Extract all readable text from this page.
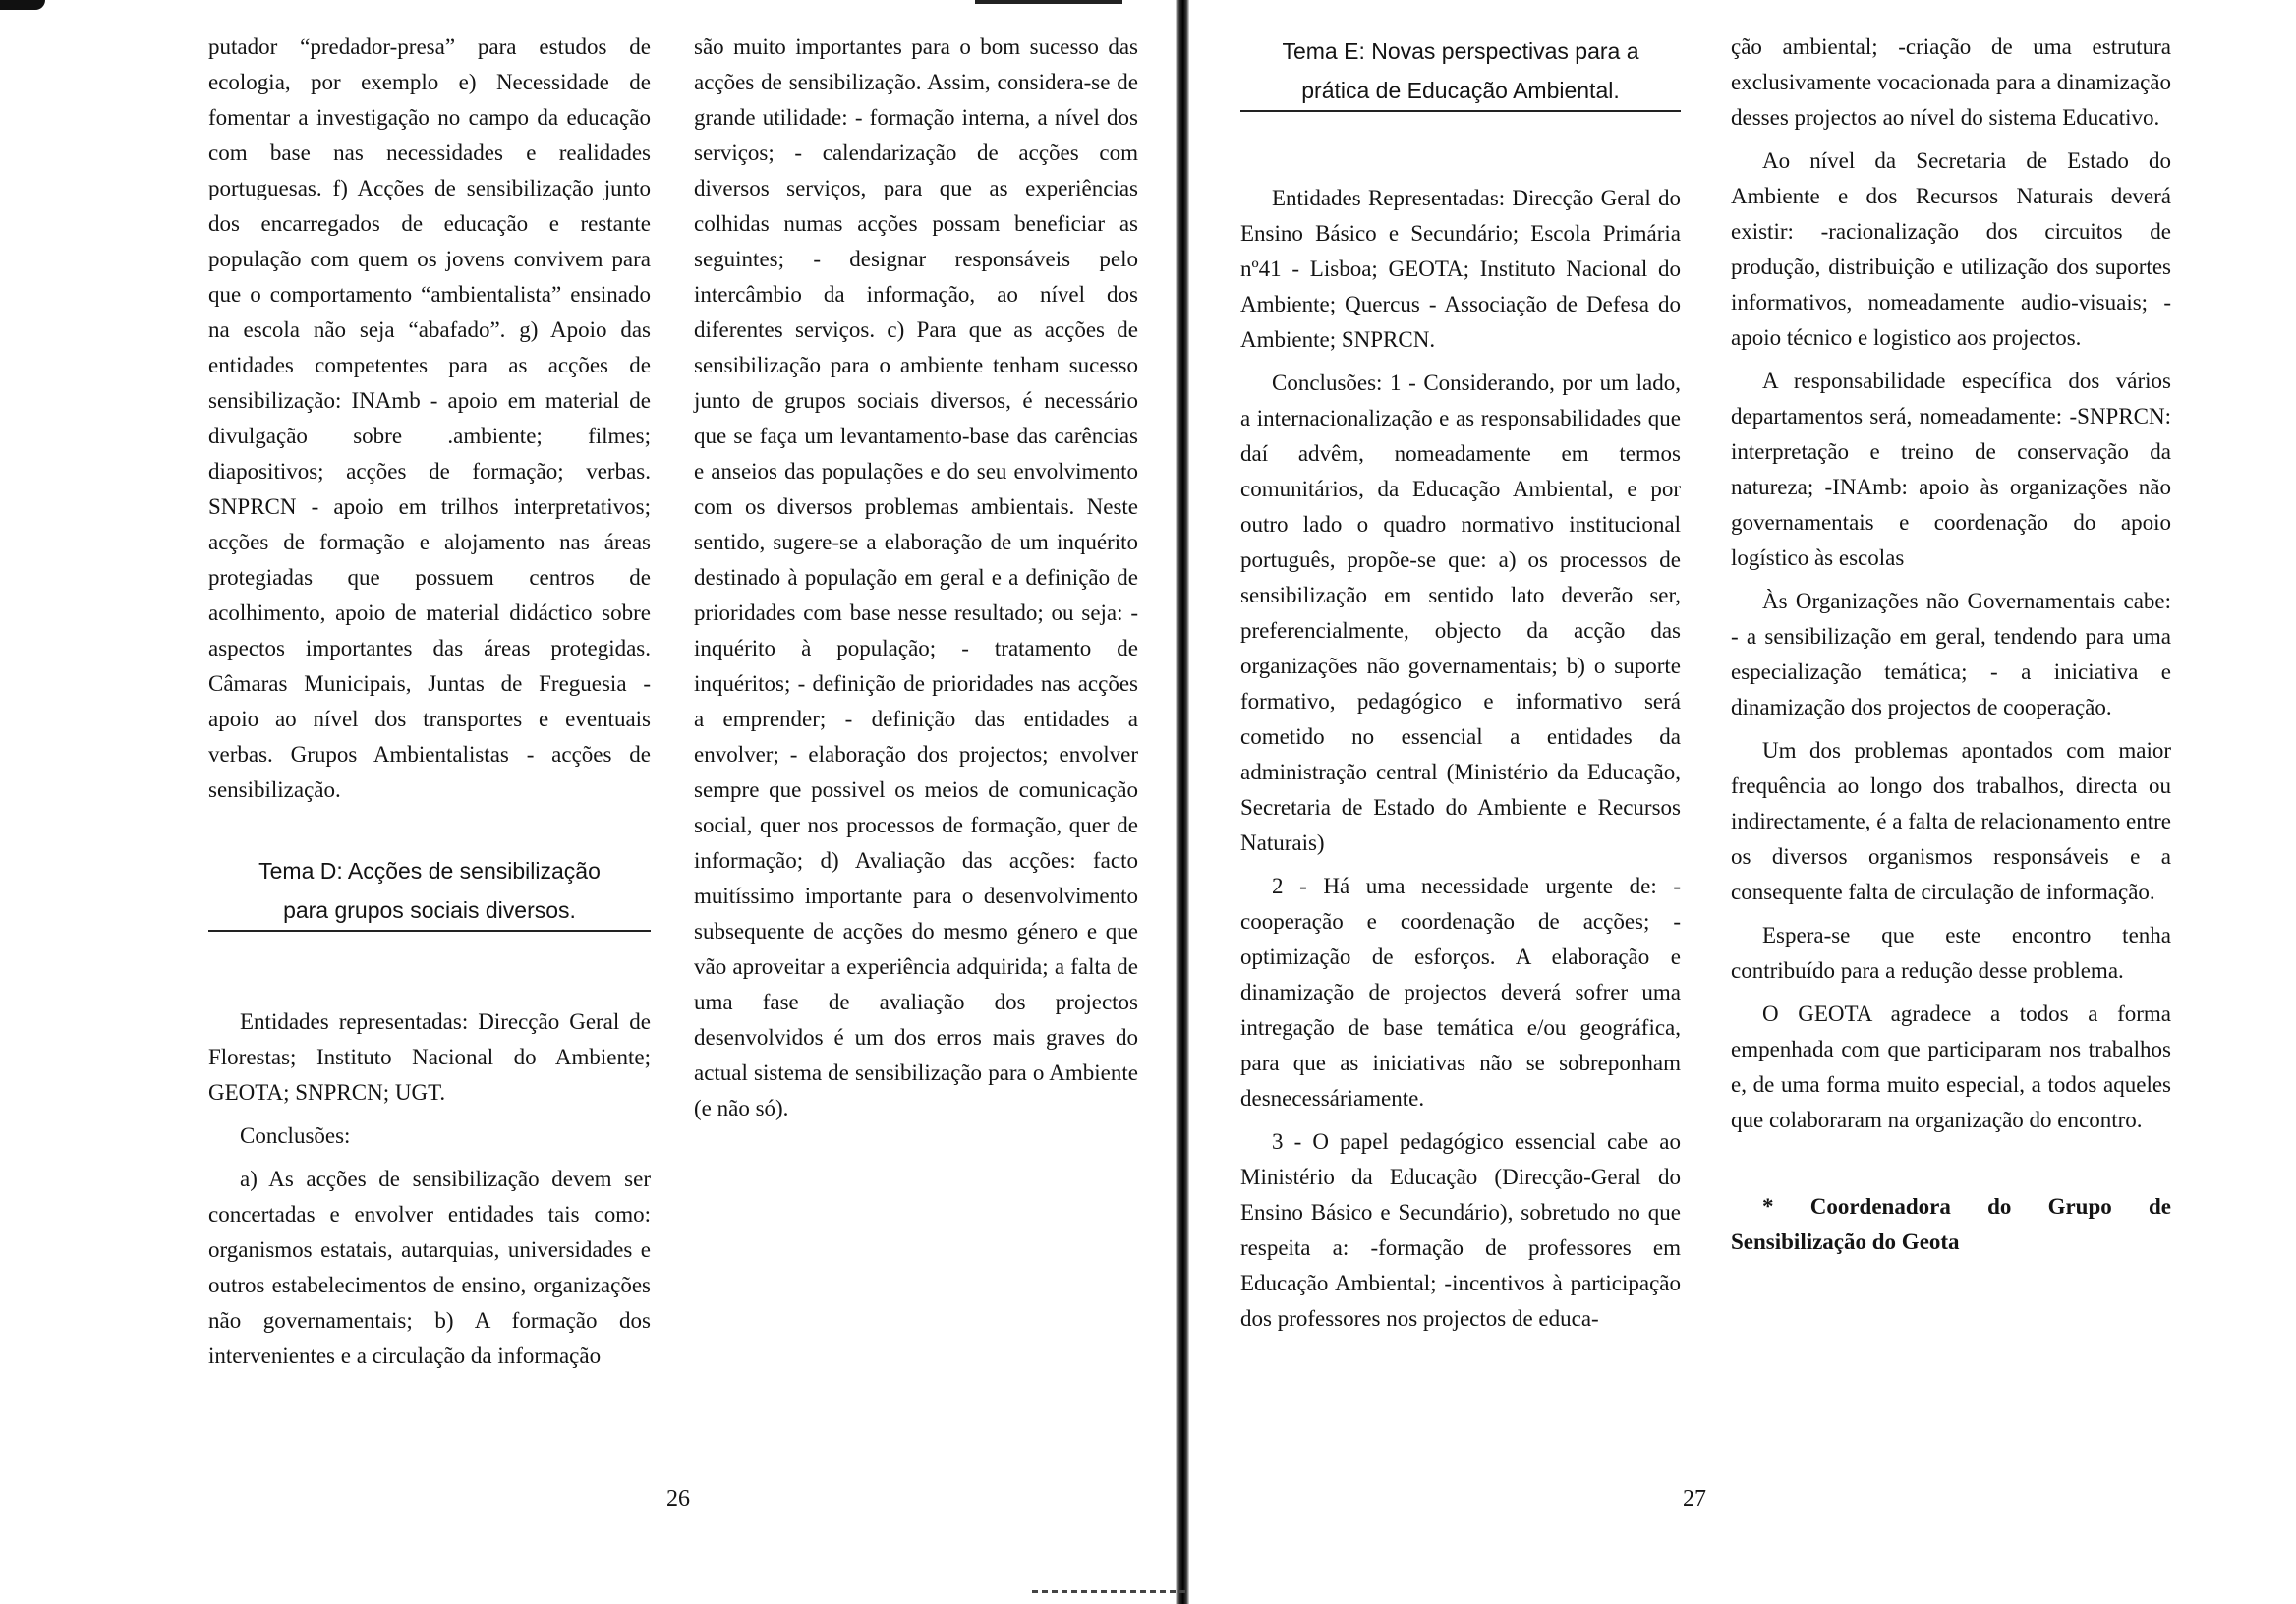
putador “predador-presa” para estudos de ecologia, por exemplo e) Necessidade de fomentar a investigação no campo da educação com base nas necessidades e realidades portuguesas. f) Acções de sensibilização junto dos encarregados de educação e restante população com quem os jovens convivem para que o comportamento “ambientalista” ensinado na escola não seja “abafado”. g) Apoio das entidades competentes para as acções de sensibilização: INAmb - apoio em material de divulgação sobre .ambiente; filmes; diapositivos; acções de formação; verbas. SNPRCN - apoio em trilhos interpretativos; acções de formação e alojamento nas áreas protegiadas que possuem centros de acolhimento, apoio de material didáctico sobre aspectos importantes das áreas protegidas. Câmaras Municipais, Juntas de Freguesia - apoio ao nível dos transportes e eventuais verbas. Grupos Ambientalistas - acções de sensibilização.

Tema D: Acções de sensibilização
para grupos sociais diversos.

Entidades representadas: Direcção Geral de Florestas; Instituto Nacional do Ambiente; GEOTA; SNPRCN; UGT.

Conclusões:

a) As acções de sensibilização devem ser concertadas e envolver entidades tais como: organismos estatais, autarquias, universidades e outros estabelecimentos de ensino, organizações não governamentais; b) A formação dos intervenientes e a circulação da informação

são muito importantes para o bom sucesso das acções de sensibilização. Assim, considera-se de grande utilidade: - formação interna, a nível dos serviços; - calendarização de acções com diversos serviços, para que as experiências colhidas numas acções possam beneficiar as seguintes; - designar responsáveis pelo intercâmbio da informação, ao nível dos diferentes serviços. c) Para que as acções de sensibilização para o ambiente tenham sucesso junto de grupos sociais diversos, é necessário que se faça um levantamento-base das carências e anseios das populações e do seu envolvimento com os diversos problemas ambientais. Neste sentido, sugere-se a elaboração de um inquérito destinado à população em geral e a definição de prioridades com base nesse resultado; ou seja: - inquérito à população; - tratamento de inquéritos; - definição de prioridades nas acções a emprender; - definição das entidades a envolver; - elaboração dos projectos; envolver sempre que possivel os meios de comunicação social, quer nos processos de formação, quer de informação; d) Avaliação das acções: facto muitíssimo importante para o desenvolvimento subsequente de acções do mesmo género e que vão aproveitar a experiência adquirida; a falta de uma fase de avaliação dos projectos desenvolvidos é um dos erros mais graves do actual sistema de sensibilização para o Ambiente (e não só).

26
Tema E: Novas perspectivas para a
prática de Educação Ambiental.

Entidades Representadas: Direcção Geral do Ensino Básico e Secundário; Escola Primária nº41 - Lisboa; GEOTA; Instituto Nacional do Ambiente; Quercus - Associação de Defesa do Ambiente; SNPRCN.

Conclusões: 1 - Considerando, por um lado, a internacionalização e as responsabilidades que daí advêm, nomeadamente em termos comunitários, da Educação Ambiental, e por outro lado o quadro normativo institucional português, propõe-se que: a) os processos de sensibilização em sentido lato deverão ser, preferencialmente, objecto da acção das organizações não governamentais; b) o suporte formativo, pedagógico e informativo será cometido no essencial a entidades da administração central (Ministério da Educação, Secretaria de Estado do Ambiente e Recursos Naturais)

2 - Há uma necessidade urgente de: - cooperação e coordenação de acções; - optimização de esforços. A elaboração e dinamização de projectos deverá sofrer uma intregação de base temática e/ou geográfica, para que as iniciativas não se sobreponham desnecessáriamente.

3 - O papel pedagógico essencial cabe ao Ministério da Educação (Direcção-Geral do Ensino Básico e Secundário), sobretudo no que respeita a: -formação de professores em Educação Ambiental; -incentivos à participação dos professores nos projectos de educa-

ção ambiental; -criação de uma estrutura exclusivamente vocacionada para a dinamização desses projectos ao nível do sistema Educativo.

Ao nível da Secretaria de Estado do Ambiente e dos Recursos Naturais deverá existir: -racionalização dos circuitos de produção, distribuição e utilização dos suportes informativos, nomeadamente audio-visuais; -apoio técnico e logistico aos projectos.

A responsabilidade específica dos vários departamentos será, nomeadamente: -SNPRCN: interpretação e treino de conservação da natureza; -INAmb: apoio às organizações não governamentais e coordenação do apoio logístico às escolas

Às Organizações não Governamentais cabe: - a sensibilização em geral, tendendo para uma especialização temática; - a iniciativa e dinamização dos projectos de cooperação.

Um dos problemas apontados com maior frequência ao longo dos trabalhos, directa ou indirectamente, é a falta de relacionamento entre os diversos organismos responsáveis e a consequente falta de circulação de informação.

Espera-se que este encontro tenha contribuído para a redução desse problema.

O GEOTA agradece a todos a forma empenhada com que participaram nos trabalhos e, de uma forma muito especial, a todos aqueles que colaboraram na organização do encontro.

* Coordenadora do Grupo de Sensibilização do Geota

27
